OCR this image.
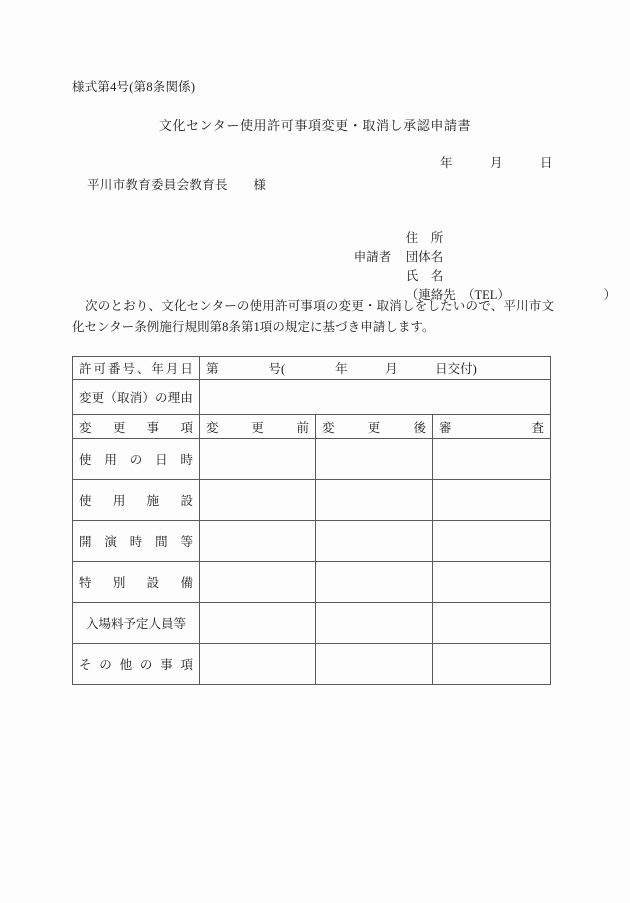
様式第4号(第8条関係)
文化センター使用許可事項変更・取消し承認申請書
年　　　月　　　日
平川市教育委員会教育長　　様

住　所

申請者 団体名

氏　名

（連絡先　（TEL）　　　　　　　　）

次のとおり、文化センターの使用許可事項の変更・取消しをしたいので、平川市文化センター条例施行規則第8条第1項の規定に基づき申請します。
許 可 番 号 、 年 月 日	第　　　　号(　　　　年　　　月　　　日交付)

変 更 （ 取 消 ） の 理 由

変 更 事 項	変 更 前	変 更 後	審 査

使 用 の 日 時			

使 用 施 設			

開 演 時 間 等			

特 別 設 備			

入場料予定人員等			

そ の 他 の 事 項
